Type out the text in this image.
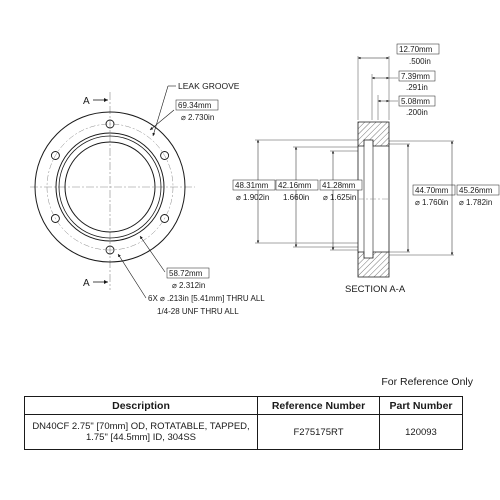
A
A
LEAK GROOVE
69.34mm
⌀ 2.730in
58.72mm
⌀ 2.312in
6X ⌀ .213in [5.41mm] THRU ALL
1/4-28 UNF THRU ALL
12.70mm
.500in
7.39mm
.291in
5.08mm
.200in
48.31mm
⌀ 1.902in
42.16mm
1.660in
41.28mm
⌀ 1.625in
44.70mm
⌀ 1.760in
45.26mm
⌀ 1.782in
SECTION A-A
For Reference Only
Description	Reference Number	Part Number
DN40CF 2.75" [70mm] OD, ROTATABLE, TAPPED, 1.75" [44.5mm] ID, 304SS	F275175RT	120093
